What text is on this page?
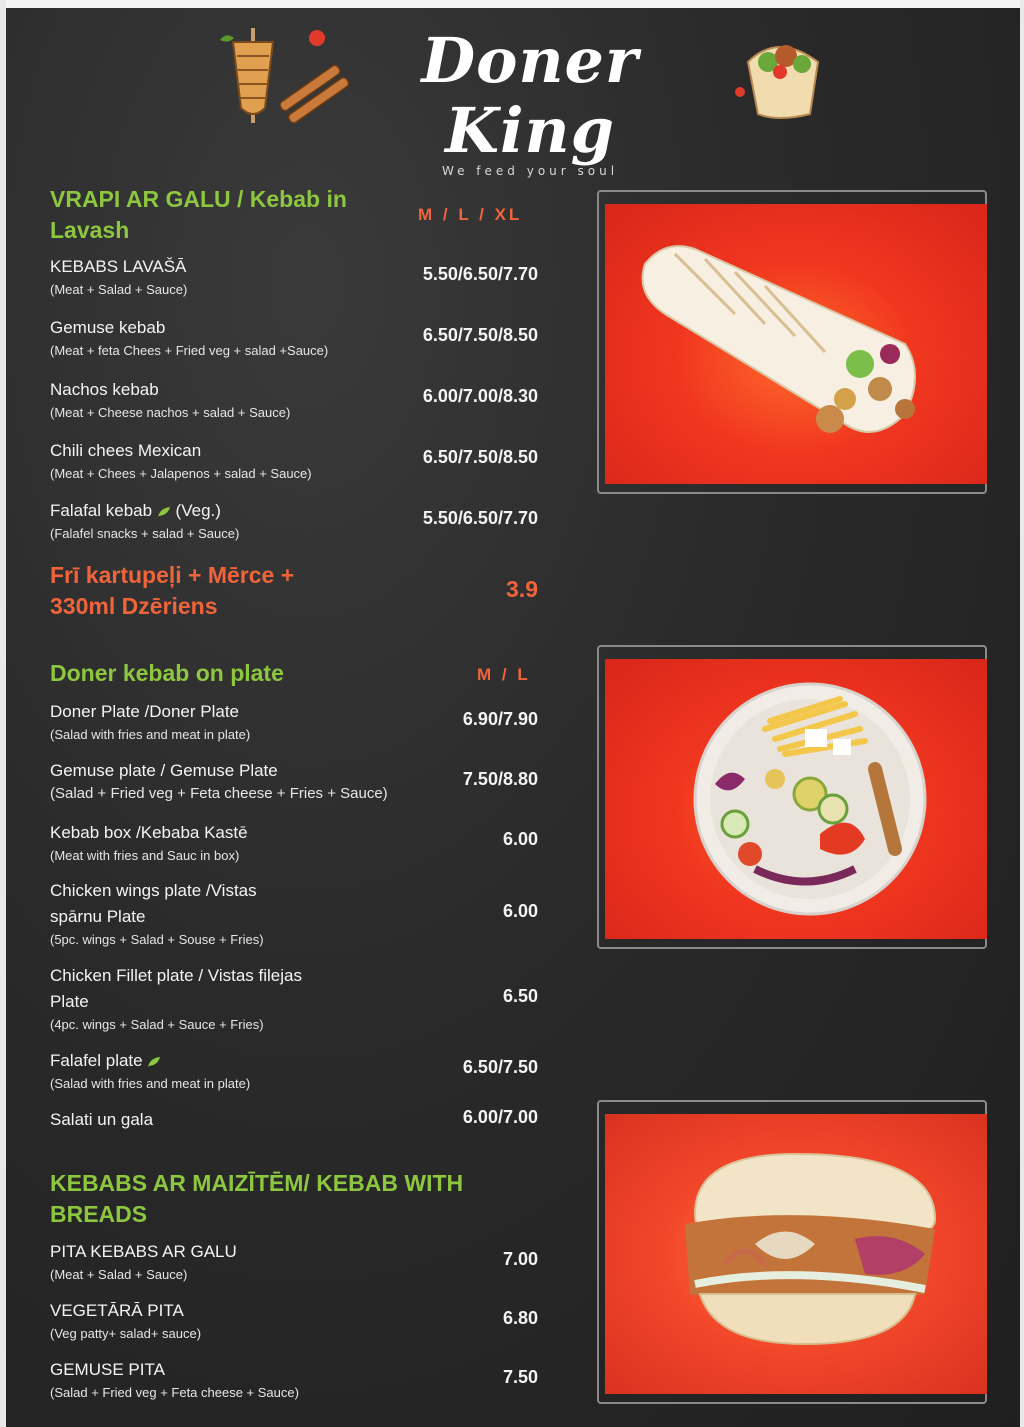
Doner King
We feed your soul
VRAPI AR GALU / Kebab in Lavash
M / L / XL
KEBABS LAVAŠĀ
(Meat + Salad + Sauce)
5.50/6.50/7.70
Gemuse kebab
(Meat + feta Chees + Fried veg + salad +Sauce)
6.50/7.50/8.50
Nachos kebab
(Meat + Cheese nachos + salad + Sauce)
6.00/7.00/8.30
Chili chees Mexican
(Meat + Chees + Jalapenos + salad + Sauce)
6.50/7.50/8.50
Falafal kebab (Veg.)
(Falafel snacks + salad + Sauce)
5.50/6.50/7.70
Frī kartupeļi + Mērce +
330ml Dzēriens
3.9
Doner kebab on plate	M / L
Doner Plate /Doner Plate
(Salad with fries and meat in plate)
6.90/7.90
Gemuse plate / Gemuse Plate
(Salad + Fried veg + Feta cheese + Fries + Sauce)
7.50/8.80
Kebab box /Kebaba Kastē
(Meat with fries and Sauc in box)
6.00
Chicken wings plate /Vistas
spārnu Plate
(5pc. wings + Salad + Souse + Fries)
6.00
Chicken Fillet plate / Vistas filejas
Plate
(4pc. wings + Salad + Sauce + Fries)
6.50
Falafel plate
(Salad with fries and meat in plate)
6.50/7.50
Salati un gala	6.00/7.00
KEBABS AR MAIZĪTĒM/ KEBAB WITH
BREADS
PITA KEBABS AR GALU
(Meat + Salad + Sauce)
7.00
VEGETĀRĀ PITA
(Veg patty+ salad+ sauce)
6.80
GEMUSE PITA
(Salad + Fried veg + Feta cheese + Sauce)
7.50
